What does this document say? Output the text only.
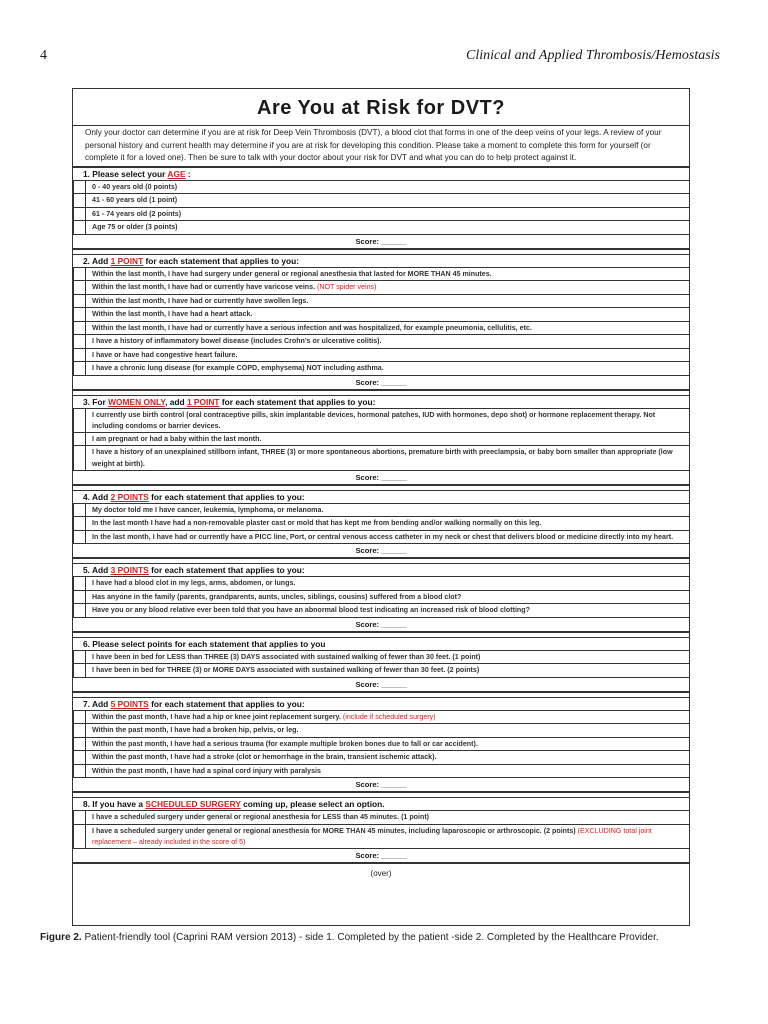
4	Clinical and Applied Thrombosis/Hemostasis
Are You at Risk for DVT?
Only your doctor can determine if you are at risk for Deep Vein Thrombosis (DVT), a blood clot that forms in one of the deep veins of your legs. A review of your personal history and current health may determine if you are at risk for developing this condition. Please take a moment to complete this form for yourself (or complete it for a loved one). Then be sure to talk with your doctor about your risk for DVT and what you can do to help protect against it.
1. Please select your AGE :
0 - 40 years old (0 points)
41 - 60 years old (1 point)
61 - 74 years old (2 points)
Age 75 or older (3 points)
Score: ______
2. Add 1 POINT for each statement that applies to you:
Within the last month, I have had surgery under general or regional anesthesia that lasted for MORE THAN 45 minutes.
Within the last month, I have had or currently have varicose veins. (NOT spider veins)
Within the last month, I have had or currently have swollen legs.
Within the last month, I have had a heart attack.
Within the last month, I have had or currently have a serious infection and was hospitalized, for example pneumonia, cellulitis, etc.
I have a history of inflammatory bowel disease (includes Crohn’s or ulcerative colitis).
I have or have had congestive heart failure.
I have a chronic lung disease (for example COPD, emphysema) NOT including asthma.
Score: ______
3. For WOMEN ONLY, add 1 POINT for each statement that applies to you:
I currently use birth control (oral contraceptive pills, skin implantable devices, hormonal patches, IUD with hormones, depo shot) or hormone replacement therapy. Not including condoms or barrier devices.
I am pregnant or had a baby within the last month.
I have a history of an unexplained stillborn infant, THREE (3) or more spontaneous abortions, premature birth with preeclampsia, or baby born smaller than appropriate (low weight at birth).
Score: ______
4. Add 2 POINTS for each statement that applies to you:
My doctor told me I have cancer, leukemia, lymphoma, or melanoma.
In the last month I have had a non-removable plaster cast or mold that has kept me from bending and/or walking normally on this leg.
In the last month, I have had or currently have a PICC line, Port, or central venous access catheter in my neck or chest that delivers blood or medicine directly into my heart.
Score: ______
5. Add 3 POINTS for each statement that applies to you:
I have had a blood clot in my legs, arms, abdomen, or lungs.
Has anyone in the family (parents, grandparents, aunts, uncles, siblings, cousins) suffered from a blood clot?
Have you or any blood relative ever been told that you have an abnormal blood test indicating an increased risk of blood clotting?
Score: ______
6. Please select points for each statement that applies to you
I have been in bed for LESS than THREE (3) DAYS associated with sustained walking of fewer than 30 feet. (1 point)
I have been in bed for THREE (3) or MORE DAYS associated with sustained walking of fewer than 30 feet. (2 points)
Score: ______
7. Add 5 POINTS for each statement that applies to you:
Within the past month, I have had a hip or knee joint replacement surgery. (include if scheduled surgery)
Within the past month, I have had a broken hip, pelvis, or leg.
Within the past month, I have had a serious trauma (for example multiple broken bones due to fall or car accident).
Within the past month, I have had a stroke (clot or hemorrhage in the brain, transient ischemic attack).
Within the past month, I have had a spinal cord injury with paralysis
Score: ______
8. If you have a SCHEDULED SURGERY coming up, please select an option.
I have a scheduled surgery under general or regional anesthesia for LESS than 45 minutes. (1 point)
I have a scheduled surgery under general or regional anesthesia for MORE THAN 45 minutes, including laparoscopic or arthroscopic. (2 points) (EXCLUDING total joint replacement – already included in the score of 5)
Score: ______
(over)
Figure 2. Patient-friendly tool (Caprini RAM version 2013) - side 1. Completed by the patient -side 2. Completed by the Healthcare Provider.
